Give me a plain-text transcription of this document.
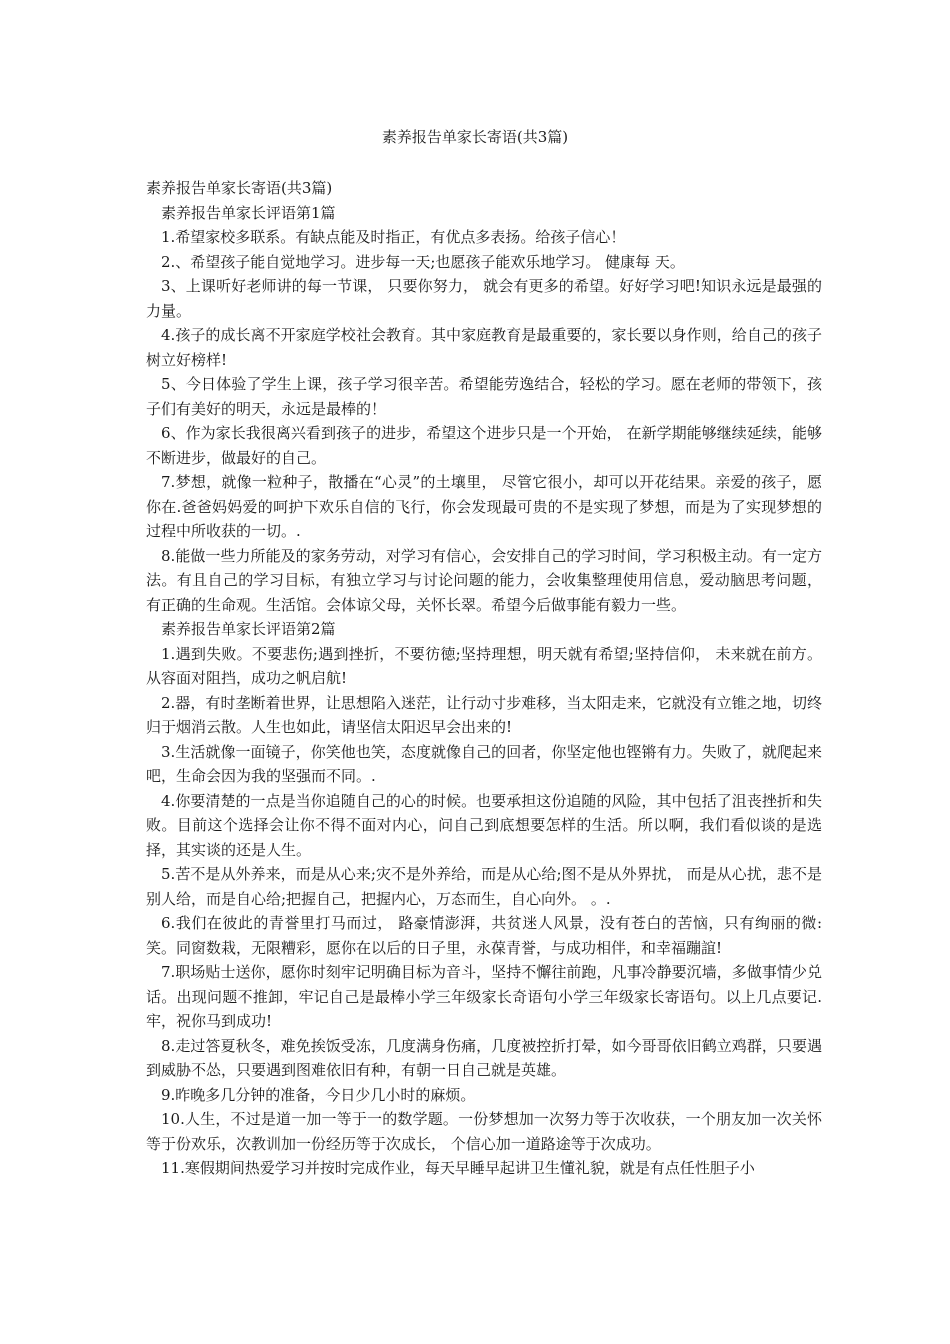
素养报告单家长寄语(共3篇)

素养报告单家长寄语(共3篇)

素养报告单家长评语第1篇

1.希望家校多联系。有缺点能及时指正，有优点多表扬。给孩子信心！

2.、希望孩子能自觉地学习。进步每一天;也愿孩子能欢乐地学习。 健康每 天。

3、上课听好老师讲的每一节课， 只要你努力， 就会有更多的希望。好好学习吧!知识永远是最强的力量。

4.孩子的成长离不开家庭学校社会教育。其中家庭教育是最重要的，家长要以身作则，给自己的孩子树立好榜样!

5、今日体验了学生上课，孩子学习很辛苦。希望能劳逸结合，轻松的学习。愿在老师的带领下，孩子们有美好的明天，永远是最棒的！

6、作为家长我很离兴看到孩子的进步，希望这个进步只是一个开始， 在新学期能够继续延续，能够不断进步，做最好的自己。

7.梦想，就像一粒种子，散播在“心灵”的土壤里， 尽管它很小，却可以开花结果。亲爱的孩子，愿你在.爸爸妈妈爱的呵护下欢乐自信的飞行，你会发现最可贵的不是实现了梦想，而是为了实现梦想的过程中所收获的一切。.

8.能做一些力所能及的家务劳动，对学习有信心，会安排自己的学习时间，学习积极主动。有一定方法。有且自己的学习目标，有独立学习与讨论问题的能力，会收集整理使用信息，爱动脑思考问题， 有正确的生命观。生活馆。会体谅父母，关怀长翠。希望今后做事能有毅力一些。

素养报告单家长评语第2篇

1.遇到失败。不要悲伤;遇到挫折，不要彷徳;坚持理想，明天就有希望;坚持信仰， 未来就在前方。从容面对阻挡，成功之帆启航!

2.器，有时垄断着世界，让思想陷入迷茫，让行动寸步难移，当太阳走来，它就没有立锥之地，切终归于烟消云散。人生也如此，请坚信太阳迟早会出来的!

3.生活就像一面镜子，你笑他也笑，态度就像自己的回者，你坚定他也铿锵有力。失败了，就爬起来吧，生命会因为我的坚强而不同。.

4.你要清楚的一点是当你追随自己的心的时候。也要承担这份追随的风险，其中包括了沮丧挫折和失败。目前这个选择会让你不得不面对内心，问自己到底想要怎样的生活。所以啊，我们看似谈的是选择，其实谈的还是人生。

5.苦不是从外养来，而是从心来;灾不是外养给，而是从心给;图不是从外界扰， 而是从心扰，悲不是别人给，而是自心给;把握自己，把握内心，万态而生，自心向外。 。.

6.我们在彼此的青誉里打马而过， 路豪情澎湃，共贫迷人风景，没有苍白的苦恼，只有绚丽的微:笑。同窗数栽，无限糟彩，愿你在以后的日子里，永葆青誉，与成功相伴，和幸福蹦誼!

7.职场贴士送你，愿你时刻牢记明确目标为音斗，坚持不懈往前跑，凡事冷静要沉墙，多做事情少兑话。出现问题不推卸，牢记自己是最棒小学三年级家长奇语句小学三年级家长寄语句。以上几点要记.牢，祝你马到成功!

8.走过答夏秋冬，难免挨饭受冻，几度满身伤痛，几度被控折打晕，如今哥哥依旧鹤立鸡群，只要遇到威胁不怂，只要遇到图难依旧有种，有朝一日自己就是英雄。

9.昨晚多几分钟的准备，今日少几小时的麻烦。

10.人生，不过是道一加一等于一的数学题。一份梦想加一次努力等于次收获，一个朋友加一次关怀等于份欢乐，次教训加一份经历等于次成长， 个信心加一道路途等于次成功。

11.寒假期间热爱学习并按时完成作业，每天早睡早起讲卫生懂礼貌，就是有点任性胆子小
